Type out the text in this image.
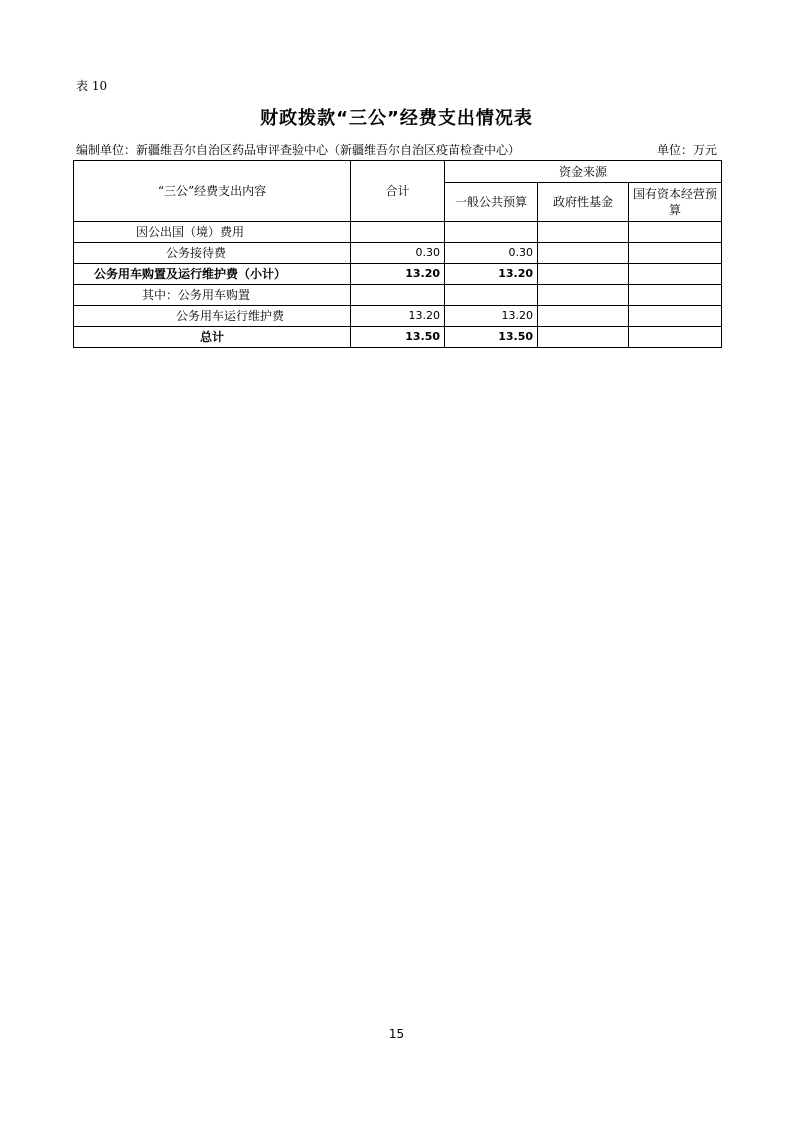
表 10
财政拨款“三公”经费支出情况表
编制单位：新疆维吾尔自治区药品审评查验中心（新疆维吾尔自治区疫苗检查中心）	单位：万元
“三公”经费支出内容	合计	资金来源		
		一般公共预算	政府性基金	国有资本经营预算
因公出国（境）费用				
公务接待费	0.30	0.30		
公务用车购置及运行维护费（小计）	13.20	13.20		
其中：公务用车购置				
公务用车运行维护费	13.20	13.20		
总计	13.50	13.50		
15
